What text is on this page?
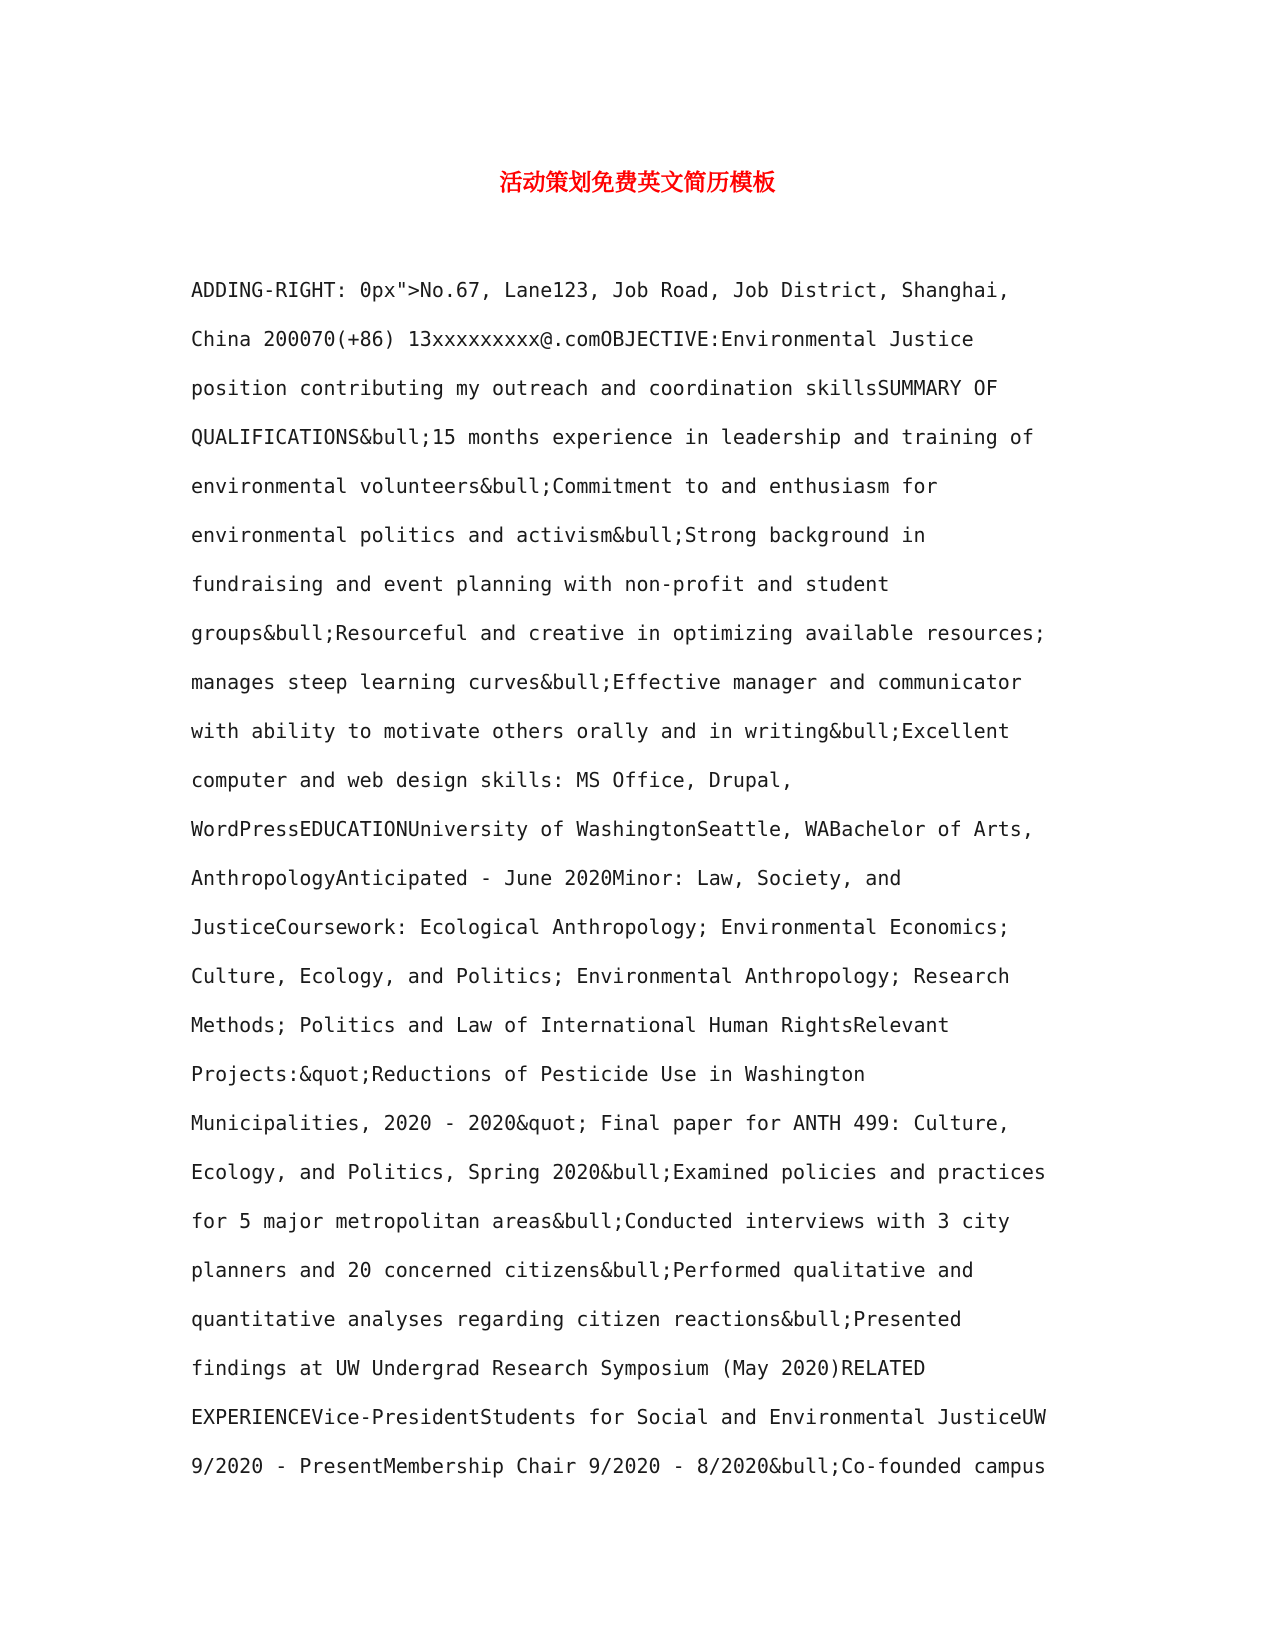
活动策划免费英文简历模板
ADDING-RIGHT: 0px">No.67, Lane123, Job Road, Job District, Shanghai,
China 200070(+86) 13xxxxxxxxx@.comOBJECTIVE:Environmental Justice
position contributing my outreach and coordination skillsSUMMARY OF
QUALIFICATIONS&bull;15 months experience in leadership and training of
environmental volunteers&bull;Commitment to and enthusiasm for
environmental politics and activism&bull;Strong background in
fundraising and event planning with non-profit and student
groups&bull;Resourceful and creative in optimizing available resources;
manages steep learning curves&bull;Effective manager and communicator
with ability to motivate others orally and in writing&bull;Excellent
computer and web design skills: MS Office, Drupal,
WordPressEDUCATIONUniversity of WashingtonSeattle, WABachelor of Arts,
AnthropologyAnticipated - June 2020Minor: Law, Society, and
JusticeCoursework: Ecological Anthropology; Environmental Economics;
Culture, Ecology, and Politics; Environmental Anthropology; Research
Methods; Politics and Law of International Human RightsRelevant
Projects:&quot;Reductions of Pesticide Use in Washington
Municipalities, 2020 - 2020&quot; Final paper for ANTH 499: Culture,
Ecology, and Politics, Spring 2020&bull;Examined policies and practices
for 5 major metropolitan areas&bull;Conducted interviews with 3 city
planners and 20 concerned citizens&bull;Performed qualitative and
quantitative analyses regarding citizen reactions&bull;Presented
findings at UW Undergrad Research Symposium (May 2020)RELATED
EXPERIENCEVice-PresidentStudents for Social and Environmental JusticeUW
9/2020 - PresentMembership Chair 9/2020 - 8/2020&bull;Co-founded campus
